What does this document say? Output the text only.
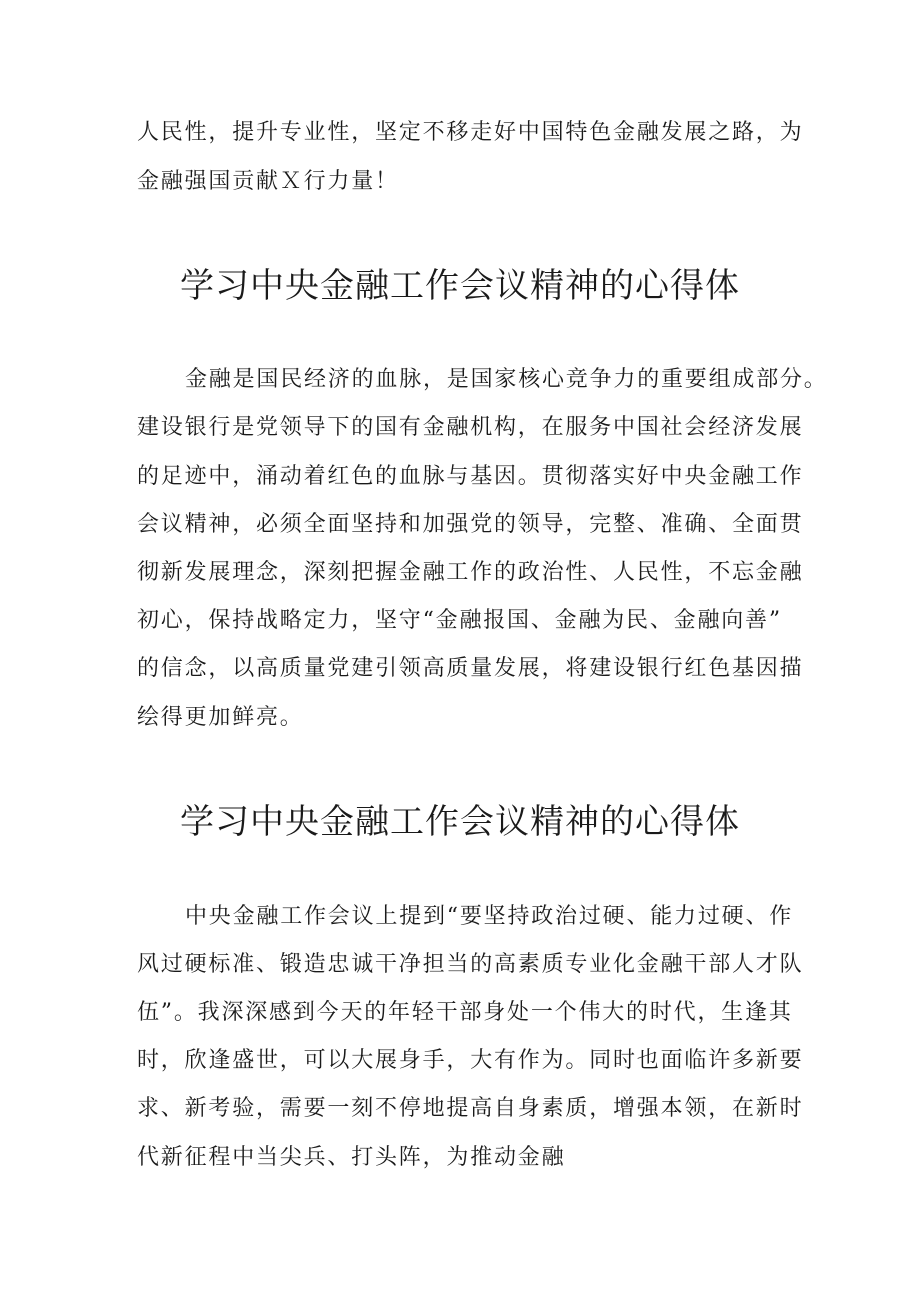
人民性，提升专业性，坚定不移走好中国特色金融发展之路，为
金融强国贡献Ｘ行力量！
学习中央金融工作会议精神的心得体
金融是国民经济的血脉，是国家核心竞争力的重要组成部分。
建设银行是党领导下的国有金融机构，在服务中国社会经济发展
的足迹中，涌动着红色的血脉与基因。贯彻落实好中央金融工作
会议精神，必须全面坚持和加强党的领导，完整、准确、全面贯
彻新发展理念，深刻把握金融工作的政治性、人民性，不忘金融
初心，保持战略定力，坚守“金融报国、金融为民、金融向善”
的信念，以高质量党建引领高质量发展，将建设银行红色基因描
绘得更加鲜亮。
学习中央金融工作会议精神的心得体
中央金融工作会议上提到“要坚持政治过硬、能力过硬、作
风过硬标准、锻造忠诚干净担当的高素质专业化金融干部人才队
伍”。我深深感到今天的年轻干部身处一个伟大的时代，生逢其
时，欣逢盛世，可以大展身手，大有作为。同时也面临许多新要
求、新考验，需要一刻不停地提高自身素质，增强本领，在新时
代新征程中当尖兵、打头阵，为推动金融
